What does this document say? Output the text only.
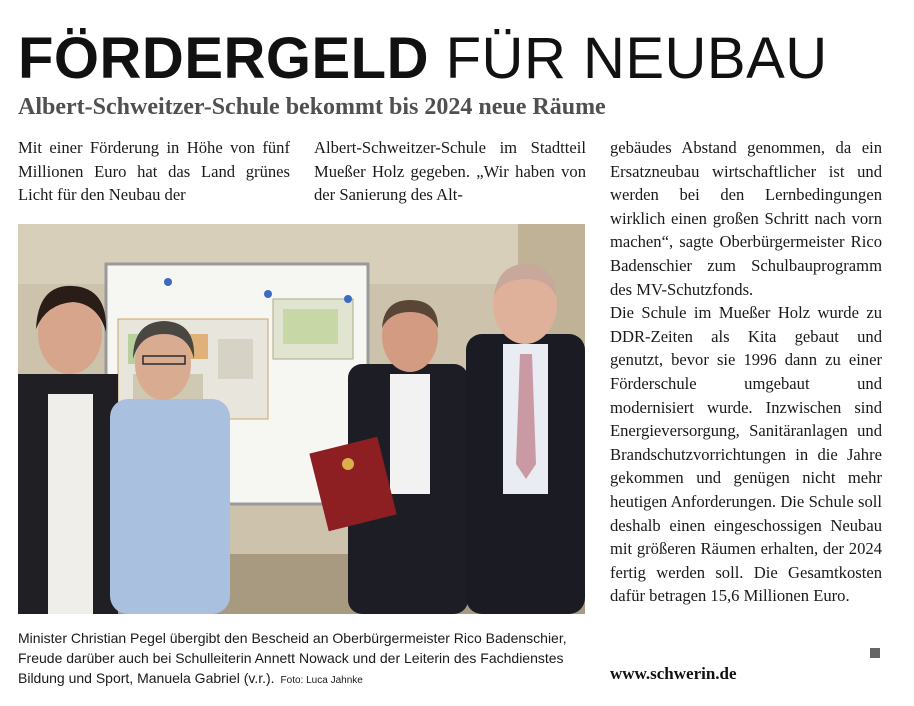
FÖRDERGELD FÜR NEUBAU
Albert-Schweitzer-Schule bekommt bis 2024 neue Räume

Mit einer Förderung in Höhe von fünf Millionen Euro hat das Land grünes Licht für den Neubau der

Albert-Schweitzer-Schule im Stadtteil Mueßer Holz gegeben. „Wir haben von der Sanierung des Alt-

gebäudes Abstand genommen, da ein Ersatzneubau wirtschaftlicher ist und werden bei den Lernbedingungen wirklich einen großen Schritt nach vorn machen“, sagte Oberbürgermeister Rico Badenschier zum Schulbauprogramm des MV-Schutzfonds.

Die Schule im Mueßer Holz wurde zu DDR-Zeiten als Kita gebaut und genutzt, bevor sie 1996 dann zu einer Förderschule umgebaut und modernisiert wurde. Inzwischen sind Energieversorgung, Sanitäranlagen und Brandschutzvorrichtungen in die Jahre gekommen und genügen nicht mehr heutigen Anforderungen. Die Schule soll deshalb einen eingeschossigen Neubau mit größeren Räumen erhalten, der 2024 fertig werden soll. Die Gesamtkosten dafür betragen 15,6 Millionen Euro.

Minister Christian Pegel übergibt den Bescheid an Oberbürgermeister Rico Badenschier, Freude darüber auch bei Schulleiterin Annett Nowack und der Leiterin des Fachdienstes Bildung und Sport, Manuela Gabriel (v.r.). Foto: Luca Jahnke	www.schwerin.de
